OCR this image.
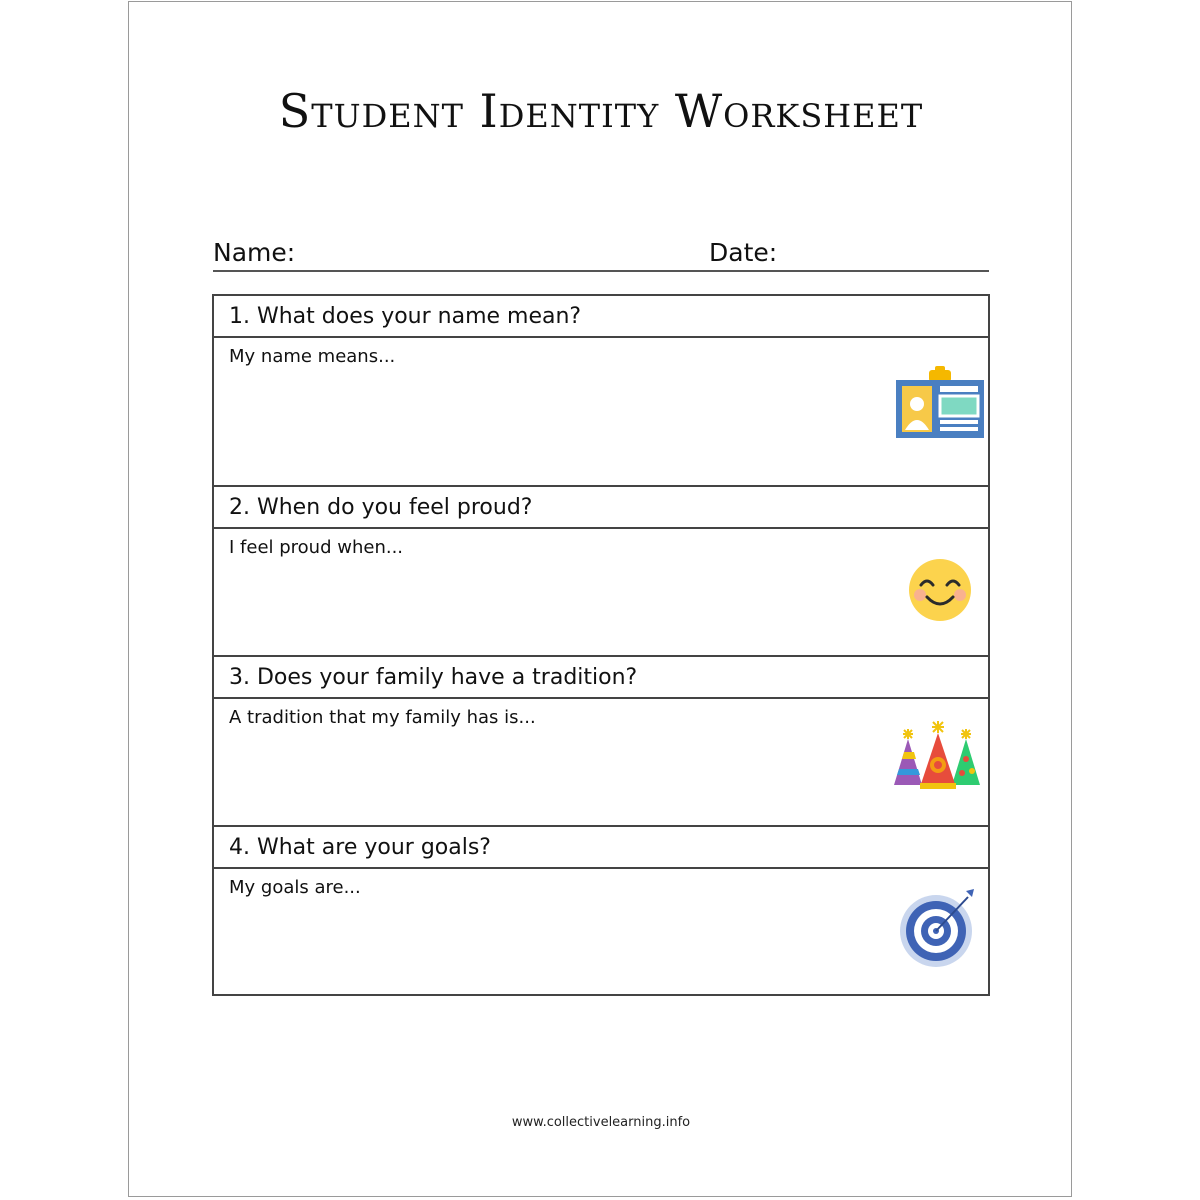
Student Identity Worksheet
Name:	Date:
1. What does your name mean?
My name means...
2. When do you feel proud?
I feel proud when...
3. Does your family have a tradition?
A tradition that my family has is...
4. What are your goals?
My goals are...
www.collectivelearning.info
